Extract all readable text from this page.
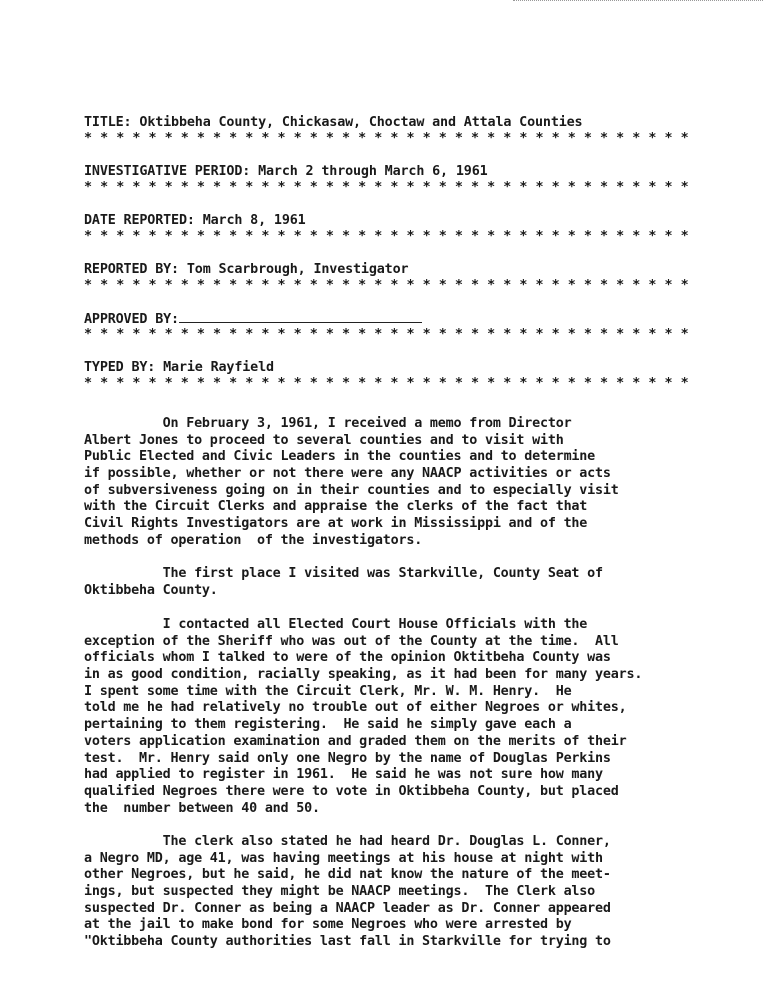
TITLE: Oktibbeha County, Chickasaw, Choctaw and Attala Counties
* * * * * * * * * * * * * * * * * * * * * * * * * * * * * * * * * * * * * *
INVESTIGATIVE PERIOD: March 2 through March 6, 1961
* * * * * * * * * * * * * * * * * * * * * * * * * * * * * * * * * * * * * *
DATE REPORTED: March 8, 1961
* * * * * * * * * * * * * * * * * * * * * * * * * * * * * * * * * * * * * *
REPORTED BY: Tom Scarbrough, Investigator
* * * * * * * * * * * * * * * * * * * * * * * * * * * * * * * * * * * * * *
APPROVED BY:
* * * * * * * * * * * * * * * * * * * * * * * * * * * * * * * * * * * * * *
TYPED BY: Marie Rayfield
* * * * * * * * * * * * * * * * * * * * * * * * * * * * * * * * * * * * * *
On February 3, 1961, I received a memo from Director
Albert Jones to proceed to several counties and to visit with
Public Elected and Civic Leaders in the counties and to determine
if possible, whether or not there were any NAACP activities or acts
of subversiveness going on in their counties and to especially visit
with the Circuit Clerks and appraise the clerks of the fact that
Civil Rights Investigators are at work in Mississippi and of the
methods of operation  of the investigators.
The first place I visited was Starkville, County Seat of
Oktibbeha County.
I contacted all Elected Court House Officials with the
exception of the Sheriff who was out of the County at the time.  All
officials whom I talked to were of the opinion Oktitbeha County was
in as good condition, racially speaking, as it had been for many years.
I spent some time with the Circuit Clerk, Mr. W. M. Henry.  He
told me he had relatively no trouble out of either Negroes or whites,
pertaining to them registering.  He said he simply gave each a
voters application examination and graded them on the merits of their
test.  Mr. Henry said only one Negro by the name of Douglas Perkins
had applied to register in 1961.  He said he was not sure how many
qualified Negroes there were to vote in Oktibbeha County, but placed
the  number between 40 and 50.
The clerk also stated he had heard Dr. Douglas L. Conner,
a Negro MD, age 41, was having meetings at his house at night with
other Negroes, but he said, he did nat know the nature of the meet-
ings, but suspected they might be NAACP meetings.  The Clerk also
suspected Dr. Conner as being a NAACP leader as Dr. Conner appeared
at the jail to make bond for some Negroes who were arrested by
"Oktibbeha County authorities last fall in Starkville for trying to
